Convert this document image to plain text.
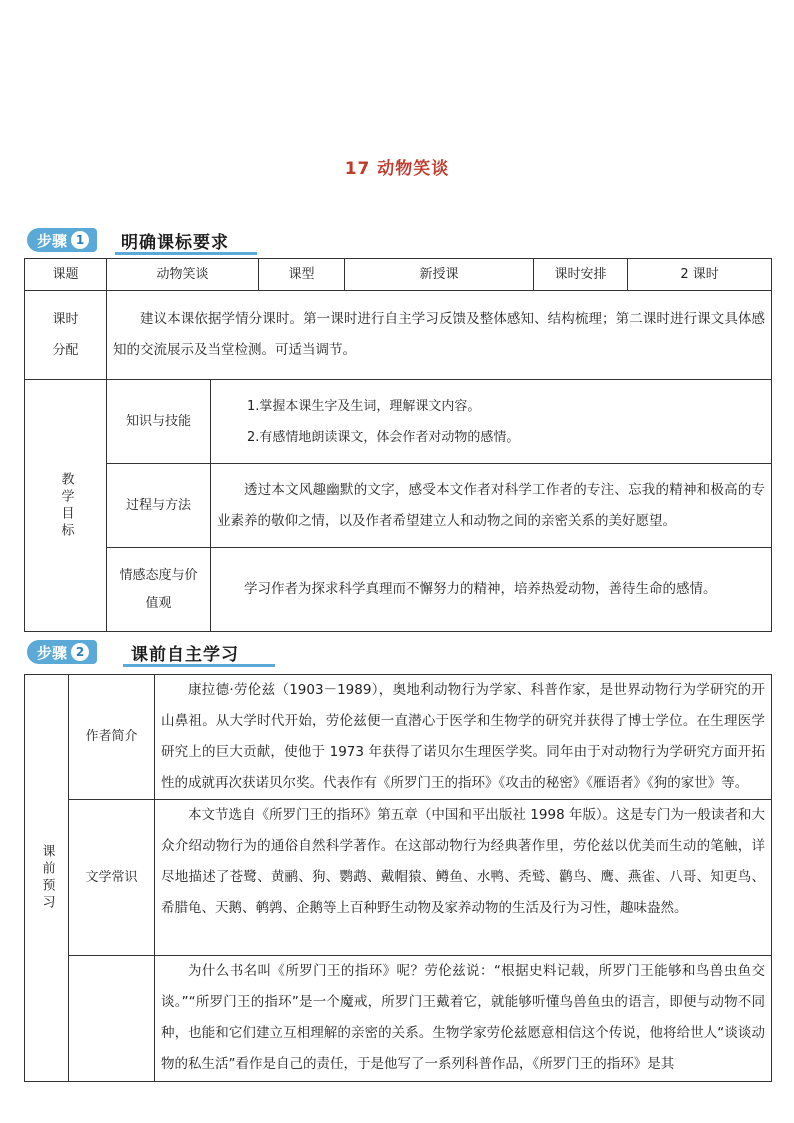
17 动物笑谈
步骤 1 明确课标要求
课题	动物笑谈		课型	新授课	课时安排	2 课时

课时
分配	建议本课依据学情分课时。第一课时进行自主学习反馈及整体感知、结构梳理；第二课时进行课文具体感知的交流展示及当堂检测。可适当调节。					

教学目标	知识与技能	1.掌握本课生字及生词，理解课文内容。
2.有感情地朗读课文，体会作者对动物的感情。				

	过程与方法	透过本文风趣幽默的文字，感受本文作者对科学工作者的专注、忘我的精神和极高的专业素养的敬仰之情，以及作者希望建立人和动物之间的亲密关系的美好愿望。				

	情感态度与价
值观	学习作者为探求科学真理而不懈努力的精神，培养热爱动物，善待生命的感情。				

步骤 2	课前自主学习
课前预习	作者简介	康拉德·劳伦兹（1903－1989），奥地利动物行为学家、科普作家，是世界动物行为学研究的开山鼻祖。从大学时代开始，劳伦兹便一直潜心于医学和生物学的研究并获得了博士学位。在生理医学研究上的巨大贡献，使他于 1973 年获得了诺贝尔生理医学奖。同年由于对动物行为学研究方面开拓性的成就再次获诺贝尔奖。代表作有《所罗门王的指环》《攻击的秘密》《雁语者》《狗的家世》等。

	文学常识	本文节选自《所罗门王的指环》第五章（中国和平出版社 1998 年版）。这是专门为一般读者和大众介绍动物行为的通俗自然科学著作。在这部动物行为经典著作里，劳伦兹以优美而生动的笔触，详尽地描述了苍鹭、黄鹂、狗、鹦鹉、戴帽猿、鳟鱼、水鸭、秃鹫、鹳鸟、鹰、燕雀、八哥、知更鸟、希腊龟、天鹅、鹌鹑、企鹅等上百种野生动物及家养动物的生活及行为习性，趣味盎然。

		为什么书名叫《所罗门王的指环》呢？劳伦兹说：“根据史料记载，所罗门王能够和鸟兽虫鱼交谈。”“所罗门王的指环”是一个魔戒，所罗门王戴着它，就能够听懂鸟兽鱼虫的语言，即便与动物不同种，也能和它们建立互相理解的亲密的关系。生物学家劳伦兹愿意相信这个传说，他将给世人“谈谈动物的私生活”看作是自己的责任，于是他写了一系列科普作品，《所罗门王的指环》是其
